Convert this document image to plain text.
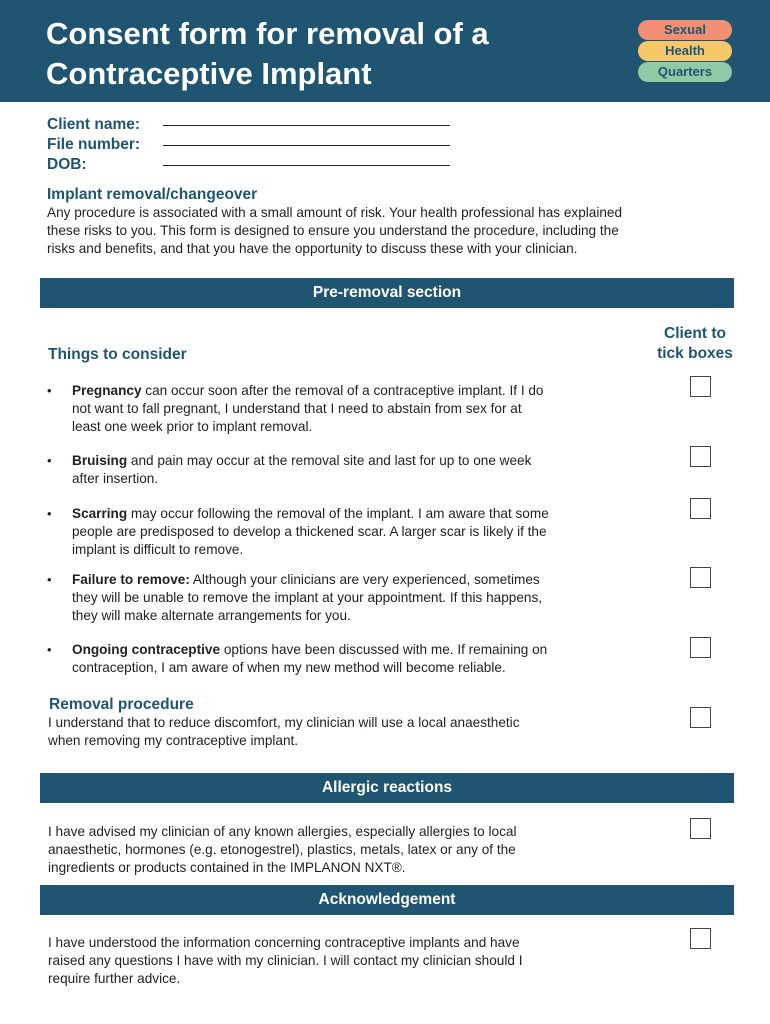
Consent form for removal of a
Contraceptive Implant
Sexual
Health
Quarters
Client name:
File number:
DOB:
Implant removal/changeover
Any procedure is associated with a small amount of risk. Your health professional has explained
these risks to you. This form is designed to ensure you understand the procedure, including the
risks and benefits, and that you have the opportunity to discuss these with your clinician.
Pre-removal section
Client to
tick boxes
Things to consider
• Pregnancy can occur soon after the removal of a contraceptive implant. If I do
not want to fall pregnant, I understand that I need to abstain from sex for at
least one week prior to implant removal.
• Bruising and pain may occur at the removal site and last for up to one week
after insertion.
• Scarring may occur following the removal of the implant. I am aware that some
people are predisposed to develop a thickened scar. A larger scar is likely if the
implant is difficult to remove.
• Failure to remove: Although your clinicians are very experienced, sometimes
they will be unable to remove the implant at your appointment. If this happens,
they will make alternate arrangements for you.
• Ongoing contraceptive options have been discussed with me. If remaining on
contraception, I am aware of when my new method will become reliable.
Removal procedure
I understand that to reduce discomfort, my clinician will use a local anaesthetic
when removing my contraceptive implant.
Allergic reactions
I have advised my clinician of any known allergies, especially allergies to local
anaesthetic, hormones (e.g. etonogestrel), plastics, metals, latex or any of the
ingredients or products contained in the IMPLANON NXT®.
Acknowledgement
I have understood the information concerning contraceptive implants and have
raised any questions I have with my clinician. I will contact my clinician should I
require further advice.
